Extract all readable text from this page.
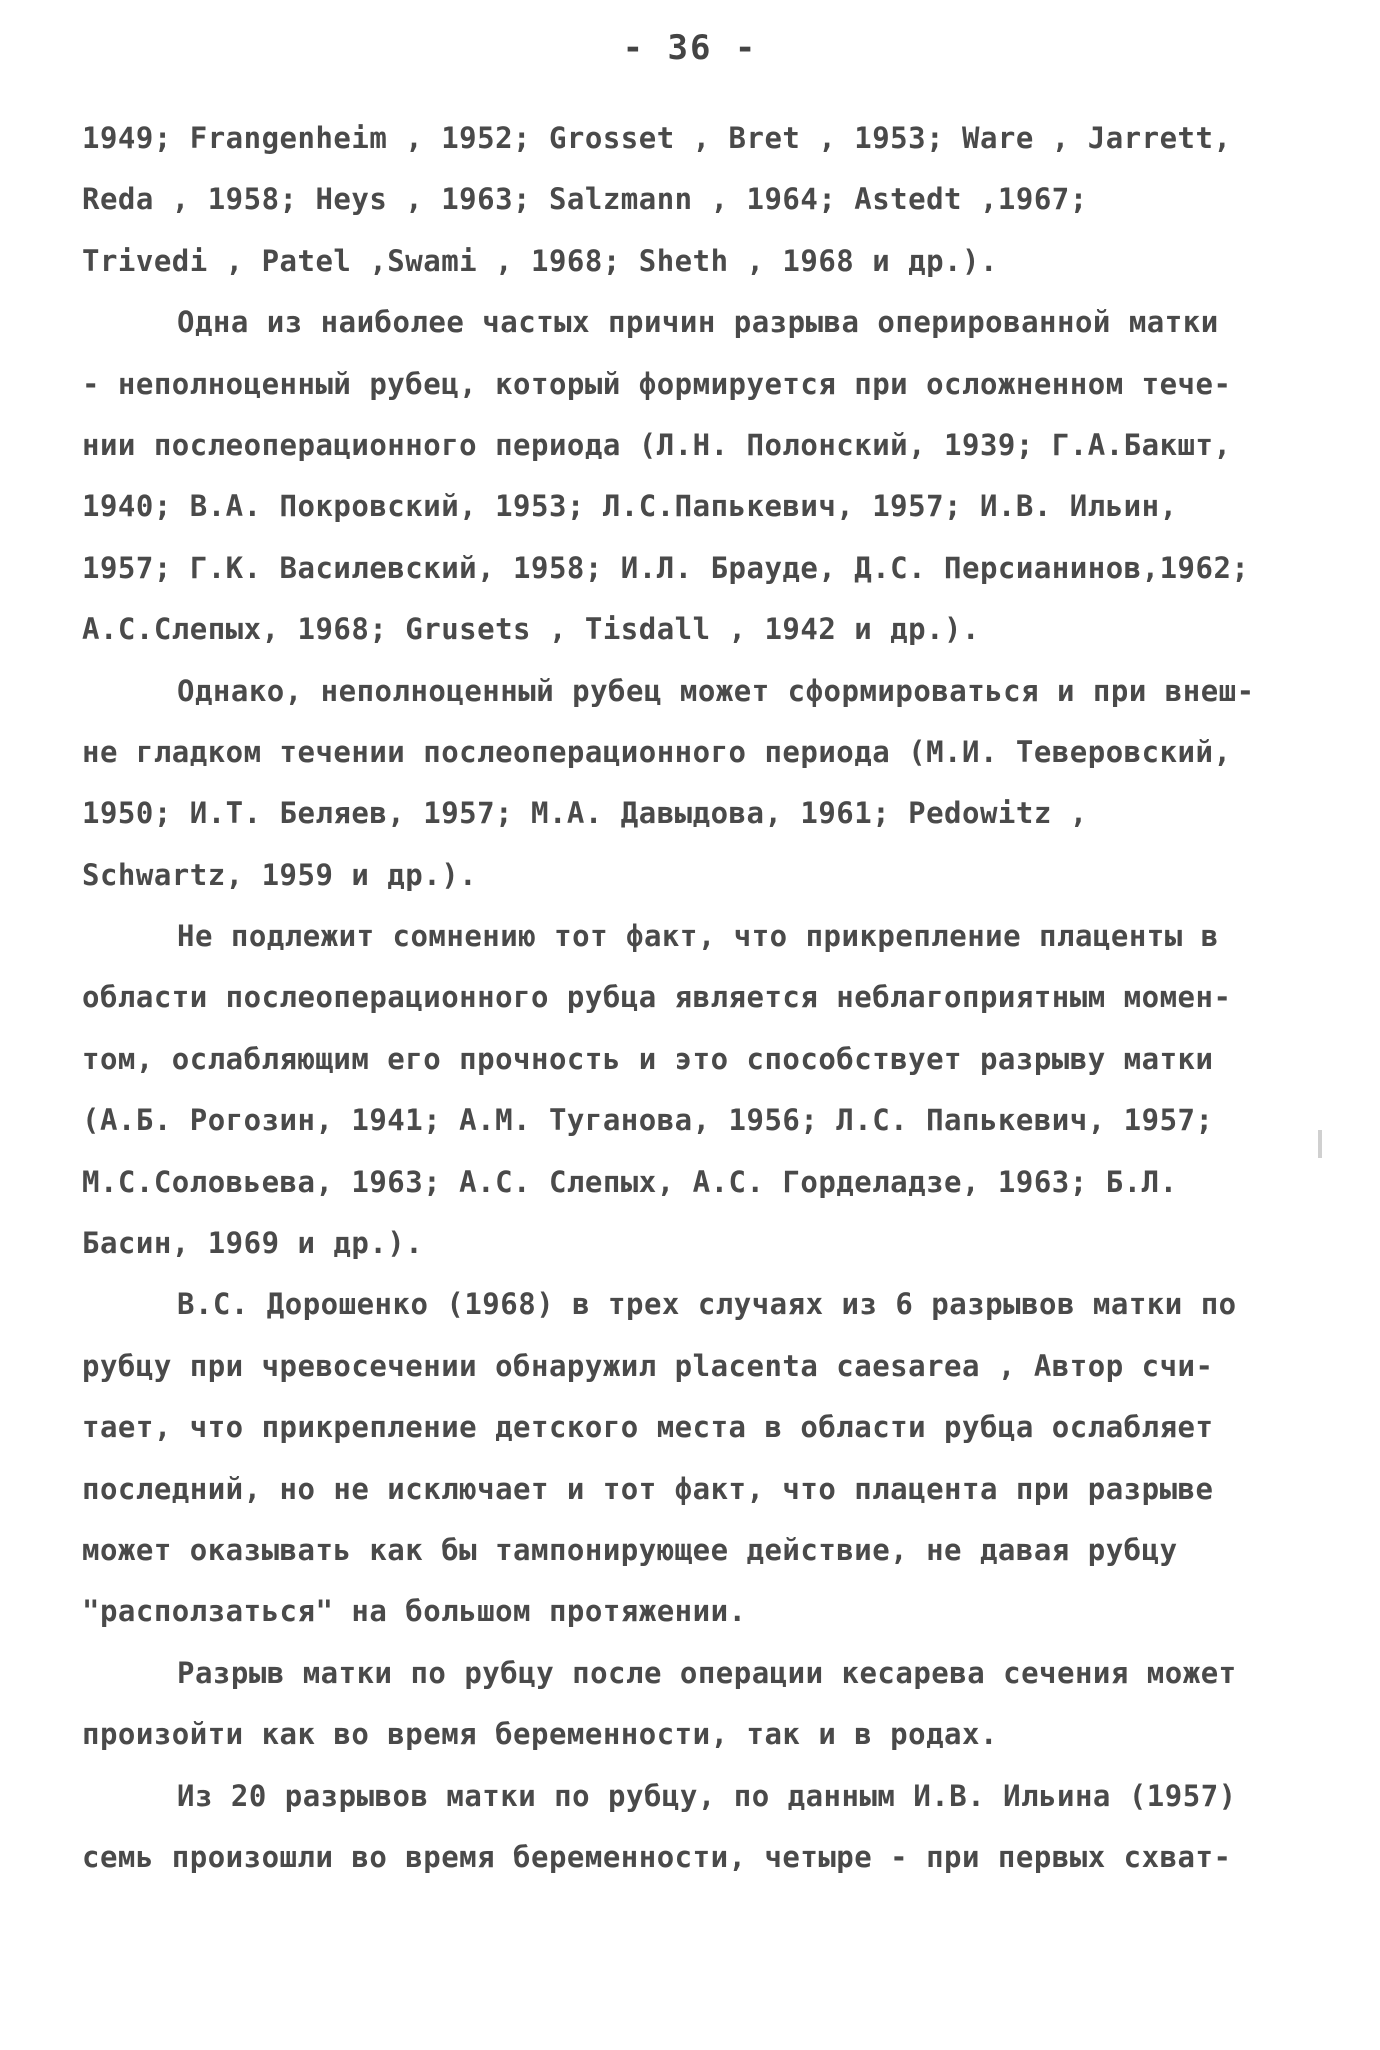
- 36 -
1949; Frangenheim , 1952; Grosset , Bret , 1953; Ware , Jarrett,
Reda , 1958; Heys , 1963; Salzmann , 1964; Astedt ,1967;
Trivedi , Patel ,Swami , 1968; Sheth , 1968 и др.).
Одна из наиболее частых причин разрыва оперированной матки
- неполноценный рубец, который формируется при осложненном тече-
нии послеоперационного периода (Л.Н. Полонский, 1939; Г.А.Бакшт,
1940; В.А. Покровский, 1953; Л.С.Папькевич, 1957; И.В. Ильин,
1957; Г.К. Василевский, 1958; И.Л. Брауде, Д.С. Персианинов,1962;
А.С.Слепых, 1968; Grusets , Tisdall , 1942 и др.).
Однако, неполноценный рубец может сформироваться и при внеш-
не гладком течении послеоперационного периода (М.И. Теверовский,
1950; И.Т. Беляев, 1957; М.А. Давыдова, 1961; Pedowitz ,
Schwartz, 1959 и др.).
Не подлежит сомнению тот факт, что прикрепление плаценты в
области послеоперационного рубца является неблагоприятным момен-
том, ослабляющим его прочность и это способствует разрыву матки
(А.Б. Рогозин, 1941; А.М. Туганова, 1956; Л.С. Папькевич, 1957;
М.С.Соловьева, 1963; А.С. Слепых, А.С. Горделадзе, 1963; Б.Л.
Басин, 1969 и др.).
В.С. Дорошенко (1968) в трех случаях из 6 разрывов матки по
рубцу при чревосечении обнаружил placenta caesarea , Автор счи-
тает, что прикрепление детского места в области рубца ослабляет
последний, но не исключает и тот факт, что плацента при разрыве
может оказывать как бы тампонирующее действие, не давая рубцу
"расползаться" на большом протяжении.
Разрыв матки по рубцу после операции кесарева сечения может
произойти как во время беременности, так и в родах.
Из 20 разрывов матки по рубцу, по данным И.В. Ильина (1957)
семь произошли во время беременности, четыре - при первых схват-
